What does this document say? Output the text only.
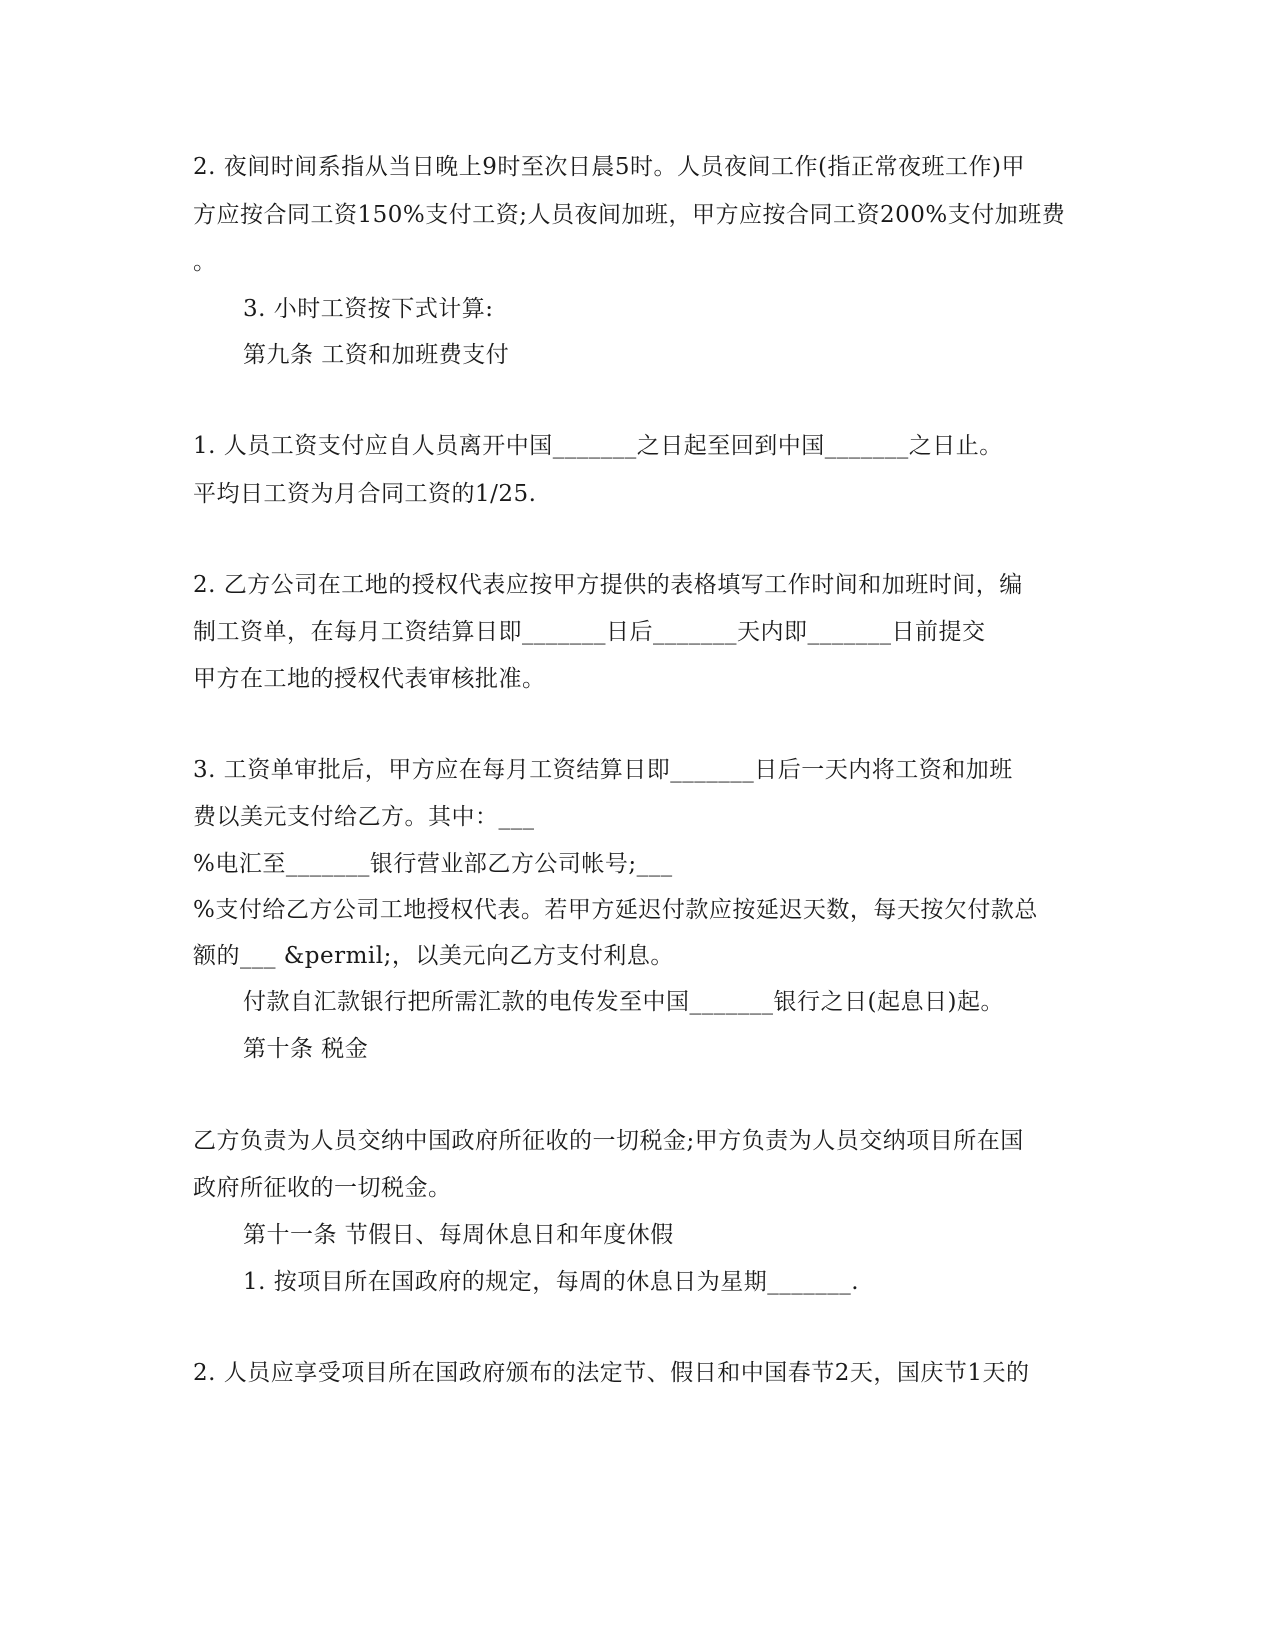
2. 夜间时间系指从当日晚上9时至次日晨5时。人员夜间工作(指正常夜班工作)甲
方应按合同工资150%支付工资;人员夜间加班，甲方应按合同工资200%支付加班费
。
3. 小时工资按下式计算:
第九条 工资和加班费支付
1. 人员工资支付应自人员离开中国_______之日起至回到中国_______之日止。
平均日工资为月合同工资的1/25.
2. 乙方公司在工地的授权代表应按甲方提供的表格填写工作时间和加班时间，编
制工资单，在每月工资结算日即_______日后_______天内即_______日前提交
甲方在工地的授权代表审核批准。
3. 工资单审批后，甲方应在每月工资结算日即_______日后一天内将工资和加班
费以美元支付给乙方。其中：___
%电汇至_______银行营业部乙方公司帐号;___
%支付给乙方公司工地授权代表。若甲方延迟付款应按延迟天数，每天按欠付款总
额的___ &permil;，以美元向乙方支付利息。
付款自汇款银行把所需汇款的电传发至中国_______银行之日(起息日)起。
第十条 税金
乙方负责为人员交纳中国政府所征收的一切税金;甲方负责为人员交纳项目所在国
政府所征收的一切税金。
第十一条 节假日、每周休息日和年度休假
1. 按项目所在国政府的规定，每周的休息日为星期_______.
2. 人员应享受项目所在国政府颁布的法定节、假日和中国春节2天，国庆节1天的
